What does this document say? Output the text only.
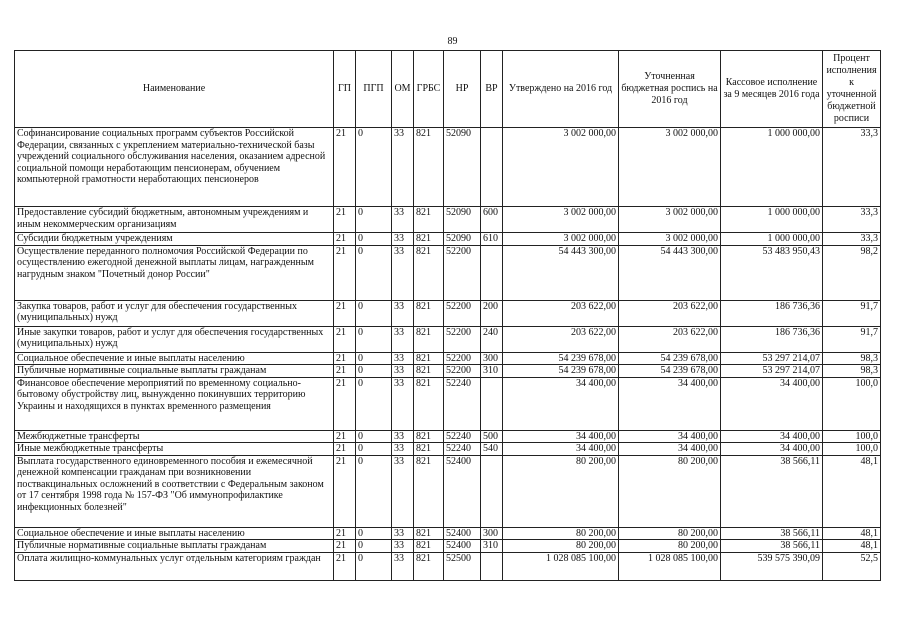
89
Наименование	ГП	ПГП	ОМ	ГРБС	НР	ВР	Утверждено на 2016 год	Уточненная бюджетная роспись на 2016 год	Кассовое исполнение за 9 месяцев 2016 года	Процент исполнения к уточненной бюджетной росписи
Софинансирование социальных программ субъектов Российской Федерации, связанных с укреплением материально-технической базы учреждений социального обслуживания населения, оказанием адресной социальной помощи неработающим пенсионерам, обучением компьютерной грамотности неработающих пенсионеров	21	0	33	821	52090		3 002 000,00	3 002 000,00	1 000 000,00	33,3
Предоставление субсидий бюджетным, автономным учреждениям и иным некоммерческим организациям	21	0	33	821	52090	600	3 002 000,00	3 002 000,00	1 000 000,00	33,3
Субсидии бюджетным учреждениям	21	0	33	821	52090	610	3 002 000,00	3 002 000,00	1 000 000,00	33,3
Осуществление переданного полномочия Российской Федерации по осуществлению ежегодной денежной выплаты лицам, награжденным нагрудным знаком "Почетный донор России"	21	0	33	821	52200		54 443 300,00	54 443 300,00	53 483 950,43	98,2
Закупка товаров, работ и услуг для обеспечения государственных (муниципальных) нужд	21	0	33	821	52200	200	203 622,00	203 622,00	186 736,36	91,7
Иные закупки товаров, работ и услуг для обеспечения государственных (муниципальных) нужд	21	0	33	821	52200	240	203 622,00	203 622,00	186 736,36	91,7
Социальное обеспечение и иные выплаты населению	21	0	33	821	52200	300	54 239 678,00	54 239 678,00	53 297 214,07	98,3
Публичные нормативные социальные выплаты гражданам	21	0	33	821	52200	310	54 239 678,00	54 239 678,00	53 297 214,07	98,3
Финансовое обеспечение мероприятий по временному социально-бытовому обустройству лиц, вынужденно покинувших территорию Украины и находящихся в пунктах временного размещения	21	0	33	821	52240		34 400,00	34 400,00	34 400,00	100,0
Межбюджетные трансферты	21	0	33	821	52240	500	34 400,00	34 400,00	34 400,00	100,0
Иные межбюджетные трансферты	21	0	33	821	52240	540	34 400,00	34 400,00	34 400,00	100,0
Выплата государственного единовременного пособия и ежемесячной денежной компенсации гражданам при возникновении поствакцинальных осложнений в соответствии с Федеральным законом от 17 сентября 1998 года № 157-ФЗ "Об иммунопрофилактике инфекционных болезней"	21	0	33	821	52400		80 200,00	80 200,00	38 566,11	48,1
Социальное обеспечение и иные выплаты населению	21	0	33	821	52400	300	80 200,00	80 200,00	38 566,11	48,1
Публичные нормативные социальные выплаты гражданам	21	0	33	821	52400	310	80 200,00	80 200,00	38 566,11	48,1
Оплата жилищно-коммунальных услуг отдельным категориям граждан	21	0	33	821	52500		1 028 085 100,00	1 028 085 100,00	539 575 390,09	52,5
